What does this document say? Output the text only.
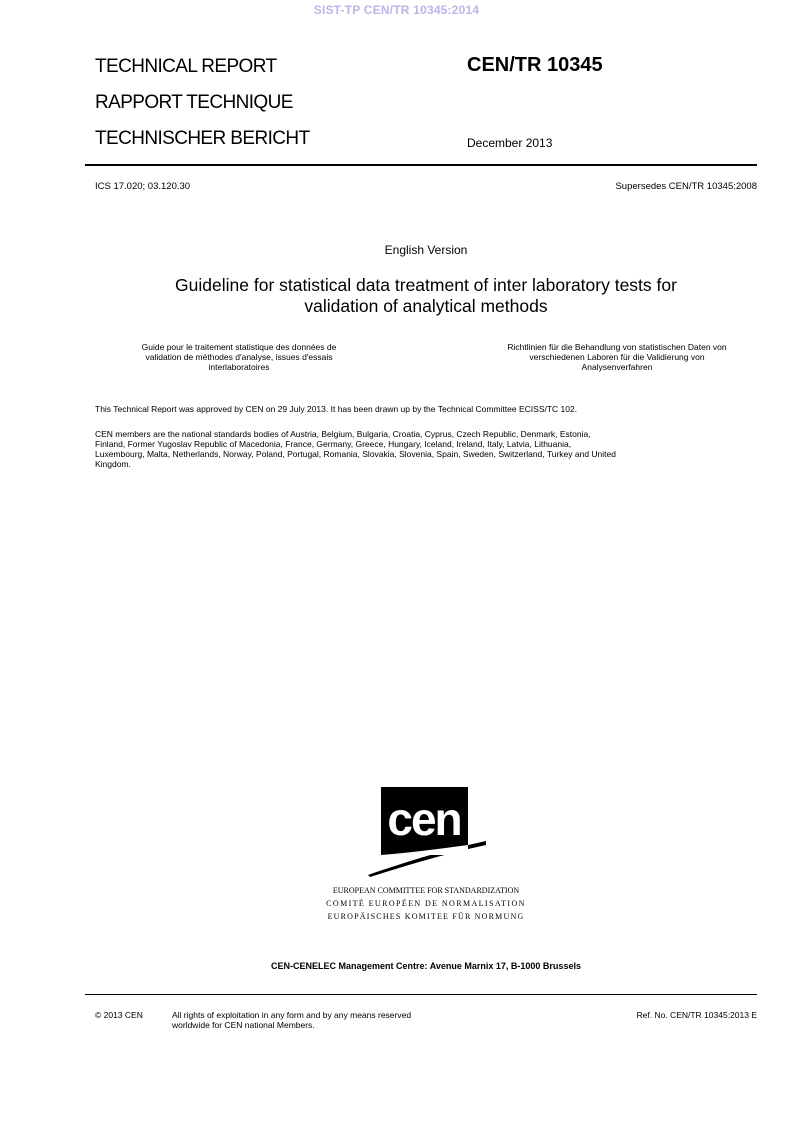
SIST-TP CEN/TR 10345:2014
TECHNICAL REPORT
RAPPORT TECHNIQUE
TECHNISCHER BERICHT
CEN/TR 10345
December 2013
ICS 17.020; 03.120.30	Supersedes CEN/TR 10345:2008
English Version
Guideline for statistical data treatment of inter laboratory tests for
validation of analytical methods
Guide pour le traitement statistique des données de
validation de méthodes d'analyse, issues d'essais
interlaboratoires
Richtlinien für die Behandlung von statistischen Daten von
verschiedenen Laboren für die Validierung von
Analysenverfahren
This Technical Report was approved by CEN on 29 July 2013. It has been drawn up by the Technical Committee ECISS/TC 102.
CEN members are the national standards bodies of Austria, Belgium, Bulgaria, Croatia, Cyprus, Czech Republic, Denmark, Estonia,
Finland, Former Yugoslav Republic of Macedonia, France, Germany, Greece, Hungary, Iceland, Ireland, Italy, Latvia, Lithuania,
Luxembourg, Malta, Netherlands, Norway, Poland, Portugal, Romania, Slovakia, Slovenia, Spain, Sweden, Switzerland, Turkey and United
Kingdom.
cen
EUROPEAN COMMITTEE FOR STANDARDIZATION
COMITÉ EUROPÉEN DE NORMALISATION
EUROPÄISCHES KOMITEE FÜR NORMUNG
CEN-CENELEC Management Centre: Avenue Marnix 17, B-1000 Brussels
© 2013 CEN	All rights of exploitation in any form and by any means reserved
worldwide for CEN national Members.
Ref. No. CEN/TR 10345:2013 E
